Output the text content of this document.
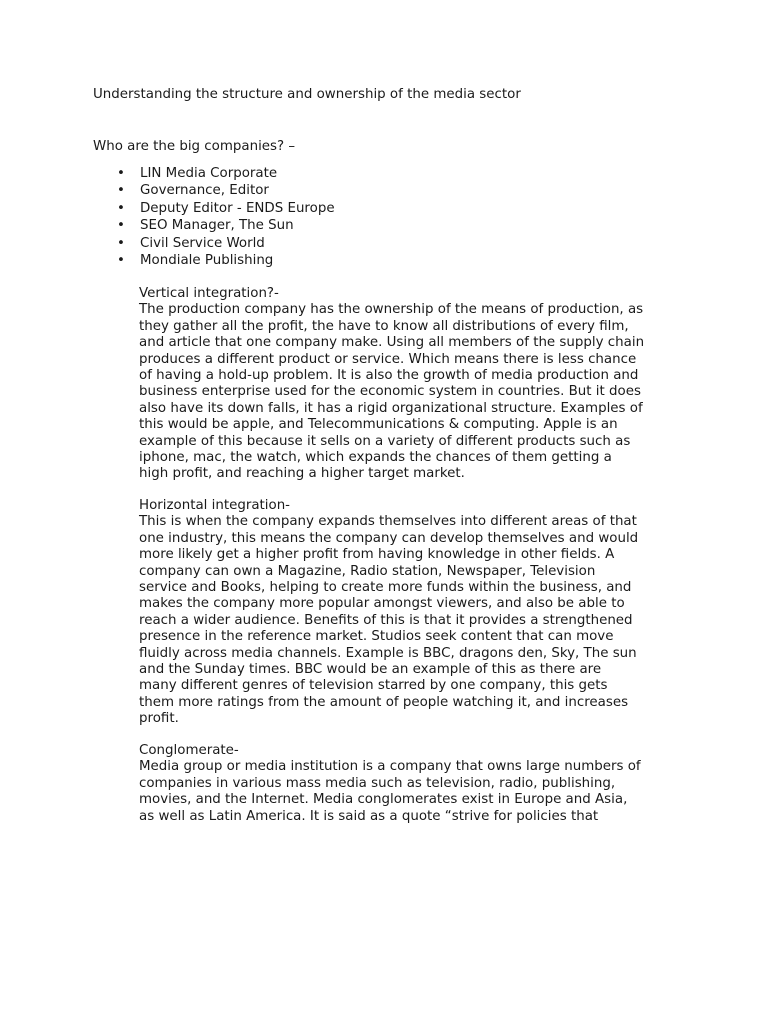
Understanding the structure and ownership of the media sector
Who are the big companies? –
• LIN Media Corporate
• Governance, Editor
• Deputy Editor - ENDS Europe
• SEO Manager, The Sun
• Civil Service World
• Mondiale Publishing
Vertical integration?-
The production company has the ownership of the means of production, as
they gather all the profit, the have to know all distributions of every film,
and article that one company make. Using all members of the supply chain
produces a different product or service. Which means there is less chance
of having a hold-up problem. It is also the growth of media production and
business enterprise used for the economic system in countries. But it does
also have its down falls, it has a rigid organizational structure. Examples of
this would be apple, and Telecommunications & computing. Apple is an
example of this because it sells on a variety of different products such as
iphone, mac, the watch, which expands the chances of them getting a
high profit, and reaching a higher target market.
Horizontal integration-
This is when the company expands themselves into different areas of that
one industry, this means the company can develop themselves and would
more likely get a higher profit from having knowledge in other fields. A
company can own a Magazine, Radio station, Newspaper, Television
service and Books, helping to create more funds within the business, and
makes the company more popular amongst viewers, and also be able to
reach a wider audience. Benefits of this is that it provides a strengthened
presence in the reference market. Studios seek content that can move
fluidly across media channels. Example is BBC, dragons den, Sky, The sun
and the Sunday times. BBC would be an example of this as there are
many different genres of television starred by one company, this gets
them more ratings from the amount of people watching it, and increases
profit.
Conglomerate-
Media group or media institution is a company that owns large numbers of
companies in various mass media such as television, radio, publishing,
movies, and the Internet. Media conglomerates exist in Europe and Asia,
as well as Latin America. It is said as a quote “strive for policies that
